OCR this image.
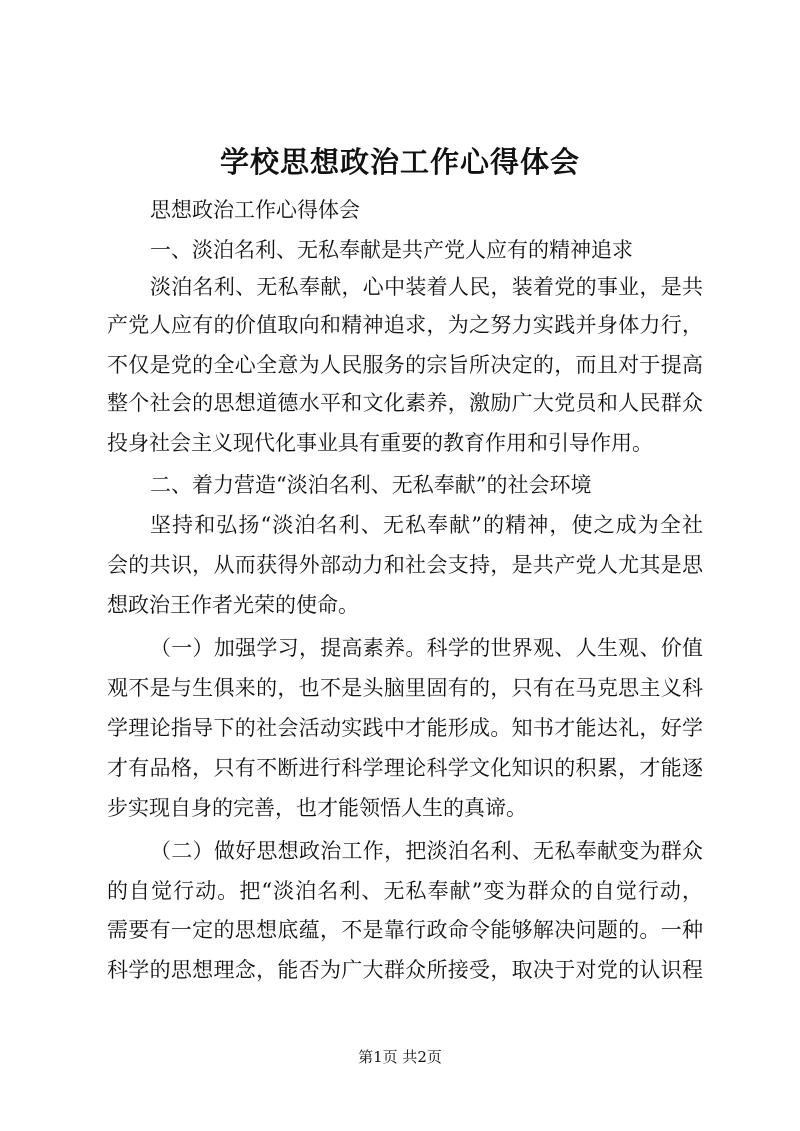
学校思想政治工作心得体会
思想政治工作心得体会
一、淡泊名利、无私奉献是共产党人应有的精神追求
淡泊名利、无私奉献，心中装着人民，装着党的事业，是共
产党人应有的价值取向和精神追求，为之努力实践并身体力行，
不仅是党的全心全意为人民服务的宗旨所决定的，而且对于提高
整个社会的思想道德水平和文化素养，激励广大党员和人民群众
投身社会主义现代化事业具有重要的教育作用和引导作用。
二、着力营造“淡泊名利、无私奉献”的社会环境
坚持和弘扬“淡泊名利、无私奉献”的精神，使之成为全社
会的共识，从而获得外部动力和社会支持，是共产党人尤其是思
想政治王作者光荣的使命。
（一）加强学习，提高素养。科学的世界观、人生观、价值
观不是与生俱来的，也不是头脑里固有的，只有在马克思主义科
学理论指导下的社会活动实践中才能形成。知书才能达礼，好学
才有品格，只有不断进行科学理论科学文化知识的积累，才能逐
步实现自身的完善，也才能领悟人生的真谛。
（二）做好思想政治工作，把淡泊名利、无私奉献变为群众
的自觉行动。把“淡泊名利、无私奉献”变为群众的自觉行动，
需要有一定的思想底蕴，不是靠行政命令能够解决问题的。一种
科学的思想理念，能否为广大群众所接受，取决于对党的认识程
第1页 共2页
